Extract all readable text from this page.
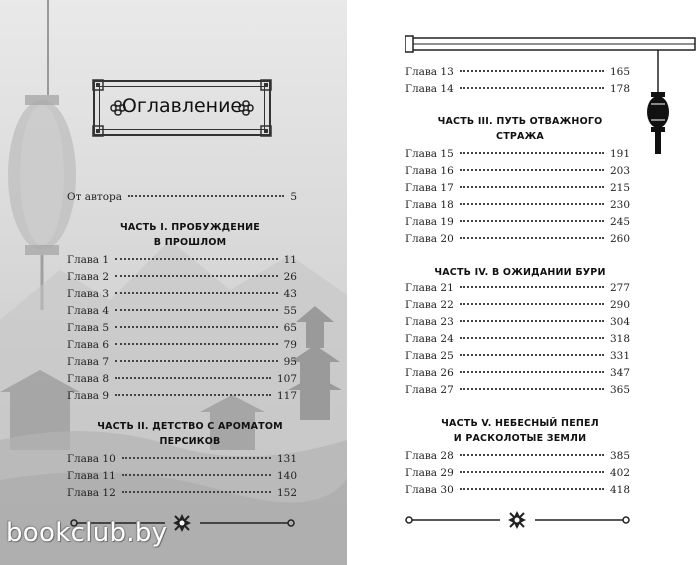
Оглавление
От автора	5
ЧАСТЬ I. ПРОБУЖДЕНИЕ
В ПРОШЛОМ
Глава 1	11
Глава 2	26
Глава 3	43
Глава 4	55
Глава 5	65
Глава 6	79
Глава 7	95
Глава 8	107
Глава 9	117
ЧАСТЬ II. ДЕТСТВО С АРОМАТОМ
ПЕРСИКОВ
Глава 10	131
Глава 11	140
Глава 12	152
bookclub.by
Глава 13	165
Глава 14	178
ЧАСТЬ III. ПУТЬ ОТВАЖНОГО
СТРАЖА
Глава 15	191
Глава 16	203
Глава 17	215
Глава 18	230
Глава 19	245
Глава 20	260
ЧАСТЬ IV. В ОЖИДАНИИ БУРИ
Глава 21	277
Глава 22	290
Глава 23	304
Глава 24	318
Глава 25	331
Глава 26	347
Глава 27	365
ЧАСТЬ V. НЕБЕСНЫЙ ПЕПЕЛ
И РАСКОЛОТЫЕ ЗЕМЛИ
Глава 28	385
Глава 29	402
Глава 30	418
